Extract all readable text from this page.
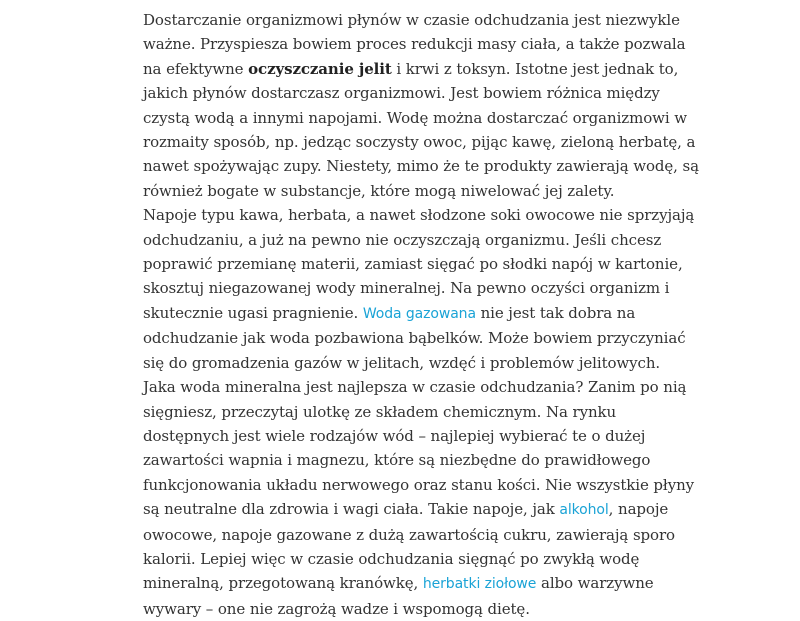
Dostarczanie organizmowi płynów w czasie odchudzania jest niezwykle ważne. Przyspiesza bowiem proces redukcji masy ciała, a także pozwala na efektywne oczyszczanie jelit i krwi z toksyn. Istotne jest jednak to, jakich płynów dostarczasz organizmowi. Jest bowiem różnica między czystą wodą a innymi napojami. Wodę można dostarczać organizmowi w rozmaity sposób, np. jedząc soczysty owoc, pijąc kawę, zieloną herbatę, a nawet spożywając zupy. Niestety, mimo że te produkty zawierają wodę, są również bogate w substancje, które mogą niwelować jej zalety.

Napoje typu kawa, herbata, a nawet słodzone soki owocowe nie sprzyjają odchudzaniu, a już na pewno nie oczyszczają organizmu. Jeśli chcesz poprawić przemianę materii, zamiast sięgać po słodki napój w kartonie, skosztuj niegazowanej wody mineralnej. Na pewno oczyści organizm i skutecznie ugasi pragnienie. Woda gazowana nie jest tak dobra na odchudzanie jak woda pozbawiona bąbelków. Może bowiem przyczyniać się do gromadzenia gazów w jelitach, wzdęć i problemów jelitowych.

Jaka woda mineralna jest najlepsza w czasie odchudzania? Zanim po nią sięgniesz, przeczytaj ulotkę ze składem chemicznym. Na rynku dostępnych jest wiele rodzajów wód – najlepiej wybierać te o dużej zawartości wapnia i magnezu, które są niezbędne do prawidłowego funkcjonowania układu nerwowego oraz stanu kości. Nie wszystkie płyny są neutralne dla zdrowia i wagi ciała. Takie napoje, jak alkohol, napoje owocowe, napoje gazowane z dużą zawartością cukru, zawierają sporo kalorii. Lepiej więc w czasie odchudzania sięgnąć po zwykłą wodę mineralną, przegotowaną kranówkę, herbatki ziołowe albo warzywne wywary – one nie zagrożą wadze i wspomogą dietę.
